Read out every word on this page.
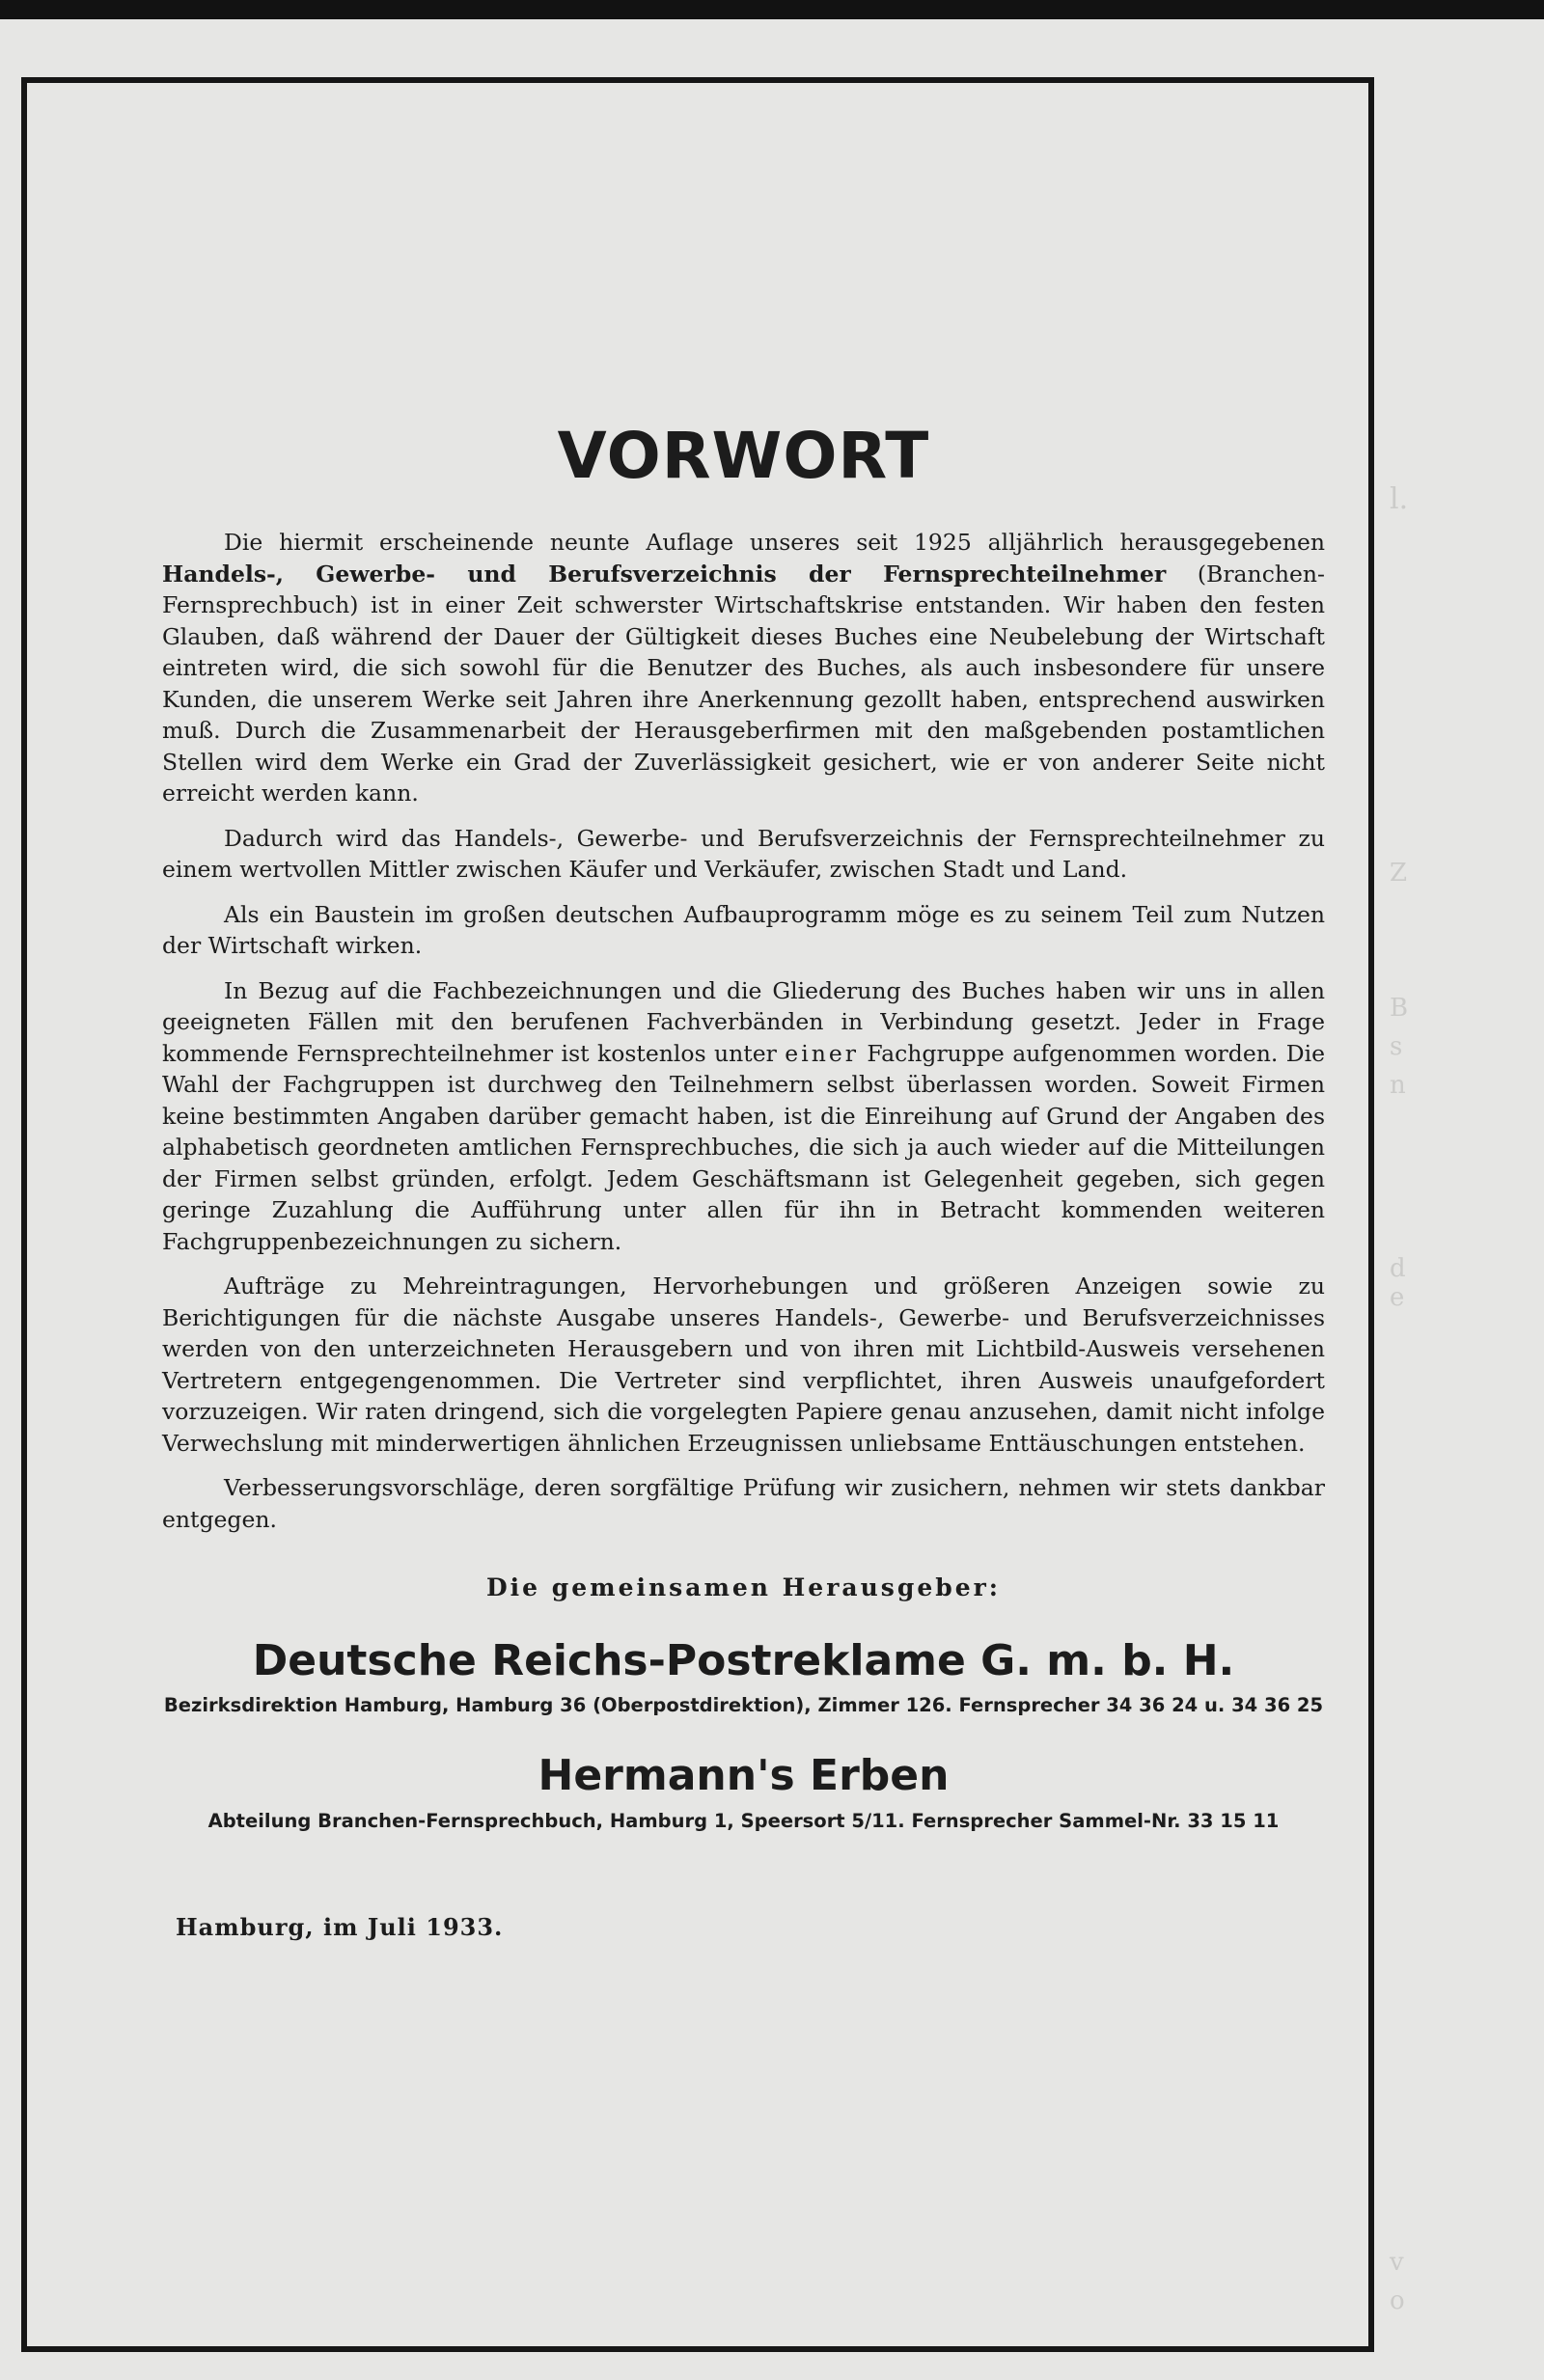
VORWORT

Die hiermit erscheinende neunte Auflage unseres seit 1925 alljährlich herausgegebenen Handels-, Gewerbe- und Berufsverzeichnis der Fernsprechteilnehmer (Branchen-Fernsprechbuch) ist in einer Zeit schwerster Wirtschaftskrise entstanden. Wir haben den festen Glauben, daß während der Dauer der Gültigkeit dieses Buches eine Neubelebung der Wirtschaft eintreten wird, die sich sowohl für die Benutzer des Buches, als auch insbesondere für unsere Kunden, die unserem Werke seit Jahren ihre Anerkennung gezollt haben, entsprechend auswirken muß. Durch die Zusammenarbeit der Herausgeberfirmen mit den maßgebenden postamtlichen Stellen wird dem Werke ein Grad der Zuverlässigkeit gesichert, wie er von anderer Seite nicht erreicht werden kann.

Dadurch wird das Handels-, Gewerbe- und Berufsverzeichnis der Fernsprechteilnehmer zu einem wertvollen Mittler zwischen Käufer und Verkäufer, zwischen Stadt und Land.

Als ein Baustein im großen deutschen Aufbauprogramm möge es zu seinem Teil zum Nutzen der Wirtschaft wirken.

In Bezug auf die Fachbezeichnungen und die Gliederung des Buches haben wir uns in allen geeigneten Fällen mit den berufenen Fachverbänden in Verbindung gesetzt. Jeder in Frage kommende Fernsprechteilnehmer ist kostenlos unter einer Fachgruppe aufgenommen worden. Die Wahl der Fachgruppen ist durchweg den Teilnehmern selbst überlassen worden. Soweit Firmen keine bestimmten Angaben darüber gemacht haben, ist die Einreihung auf Grund der Angaben des alphabetisch geordneten amtlichen Fernsprechbuches, die sich ja auch wieder auf die Mitteilungen der Firmen selbst gründen, erfolgt. Jedem Geschäftsmann ist Gelegenheit gegeben, sich gegen geringe Zuzahlung die Aufführung unter allen für ihn in Betracht kommenden weiteren Fachgruppenbezeichnungen zu sichern.

Aufträge zu Mehreintragungen, Hervorhebungen und größeren Anzeigen sowie zu Berichtigungen für die nächste Ausgabe unseres Handels-, Gewerbe- und Berufsverzeichnisses werden von den unterzeichneten Herausgebern und von ihren mit Lichtbild-Ausweis versehenen Vertretern entgegengenommen. Die Vertreter sind verpflichtet, ihren Ausweis unaufgefordert vorzuzeigen. Wir raten dringend, sich die vorgelegten Papiere genau anzusehen, damit nicht infolge Verwechslung mit minderwertigen ähnlichen Erzeugnissen unliebsame Enttäuschungen entstehen.

Verbesserungsvorschläge, deren sorgfältige Prüfung wir zusichern, nehmen wir stets dankbar entgegen.

Die gemeinsamen Herausgeber:
Deutsche Reichs-Postreklame G. m. b. H.
Bezirksdirektion Hamburg, Hamburg 36 (Oberpostdirektion), Zimmer 126. Fernsprecher 34 36 24 u. 34 36 25
Hermann's Erben
Abteilung Branchen-Fernsprechbuch, Hamburg 1, Speersort 5/11. Fernsprecher Sammel-Nr. 33 15 11
Hamburg, im Juli 1933.
l.
Z
B
s
n
d
e
v
o
